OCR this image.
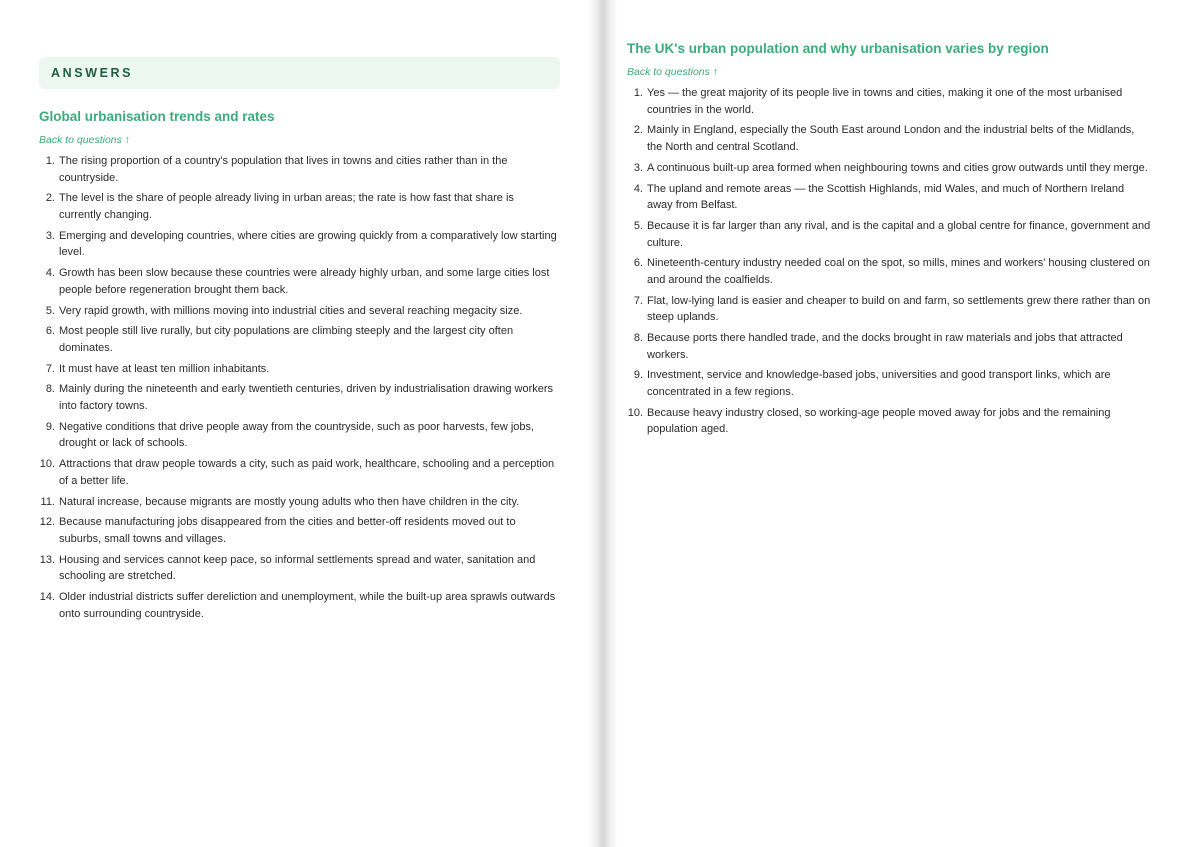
ANSWERS
Global urbanisation trends and rates
Back to questions ↑
1. The rising proportion of a country's population that lives in towns and cities rather than in the countryside.
2. The level is the share of people already living in urban areas; the rate is how fast that share is currently changing.
3. Emerging and developing countries, where cities are growing quickly from a comparatively low starting level.
4. Growth has been slow because these countries were already highly urban, and some large cities lost people before regeneration brought them back.
5. Very rapid growth, with millions moving into industrial cities and several reaching megacity size.
6. Most people still live rurally, but city populations are climbing steeply and the largest city often dominates.
7. It must have at least ten million inhabitants.
8. Mainly during the nineteenth and early twentieth centuries, driven by industrialisation drawing workers into factory towns.
9. Negative conditions that drive people away from the countryside, such as poor harvests, few jobs, drought or lack of schools.
10. Attractions that draw people towards a city, such as paid work, healthcare, schooling and a perception of a better life.
11. Natural increase, because migrants are mostly young adults who then have children in the city.
12. Because manufacturing jobs disappeared from the cities and better-off residents moved out to suburbs, small towns and villages.
13. Housing and services cannot keep pace, so informal settlements spread and water, sanitation and schooling are stretched.
14. Older industrial districts suffer dereliction and unemployment, while the built-up area sprawls outwards onto surrounding countryside.
The UK's urban population and why urbanisation varies by region
Back to questions ↑
1. Yes — the great majority of its people live in towns and cities, making it one of the most urbanised countries in the world.
2. Mainly in England, especially the South East around London and the industrial belts of the Midlands, the North and central Scotland.
3. A continuous built-up area formed when neighbouring towns and cities grow outwards until they merge.
4. The upland and remote areas — the Scottish Highlands, mid Wales, and much of Northern Ireland away from Belfast.
5. Because it is far larger than any rival, and is the capital and a global centre for finance, government and culture.
6. Nineteenth-century industry needed coal on the spot, so mills, mines and workers' housing clustered on and around the coalfields.
7. Flat, low-lying land is easier and cheaper to build on and farm, so settlements grew there rather than on steep uplands.
8. Because ports there handled trade, and the docks brought in raw materials and jobs that attracted workers.
9. Investment, service and knowledge-based jobs, universities and good transport links, which are concentrated in a few regions.
10. Because heavy industry closed, so working-age people moved away for jobs and the remaining population aged.
